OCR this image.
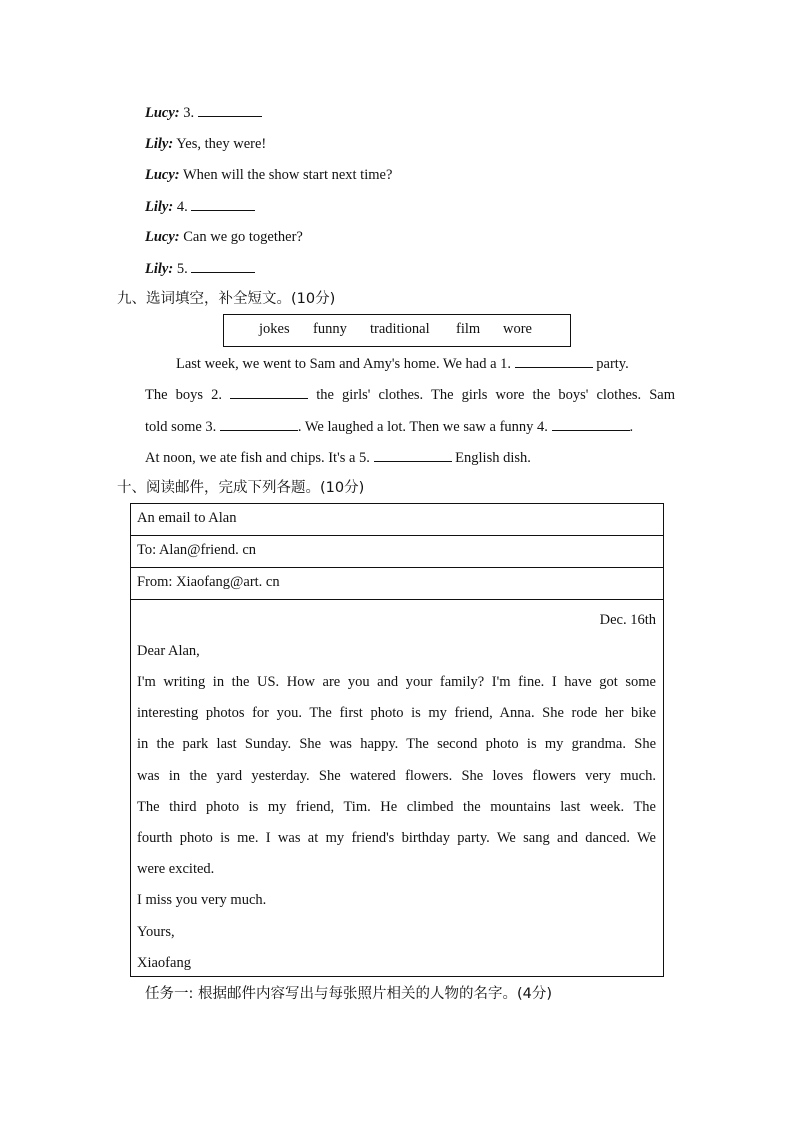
Lucy: 3.
Lily: Yes, they were!
Lucy: When will the show start next time?
Lily: 4.
Lucy: Can we go together?
Lily: 5.
九、选词填空，补全短文。(10分)
jokes funny traditional film wore
Last week, we went to Sam and Amy's home. We had a 1.	party.
The boys 2.	the girls' clothes. The girls wore the boys' clothes. Sam
told some 3.	. We laughed a lot. Then we saw a funny 4.	.
At noon, we ate fish and chips. It's a 5.	English dish.
十、阅读邮件，完成下列各题。(10分)
An email to Alan
To: Alan@friend. cn
From: Xiaofang@art. cn
Dec. 16th
Dear Alan,
I'm writing in the US. How are you and your family? I'm fine. I have got some
interesting photos for you. The first photo is my friend, Anna. She rode her bike
in the park last Sunday. She was happy. The second photo is my grandma. She
was in the yard yesterday. She watered flowers. She loves flowers very much.
The third photo is my friend, Tim. He climbed the mountains last week. The
fourth photo is me. I was at my friend's birthday party. We sang and danced. We
were excited.
I miss you very much.
Yours,
Xiaofang
任务一: 根据邮件内容写出与每张照片相关的人物的名字。(4分)
